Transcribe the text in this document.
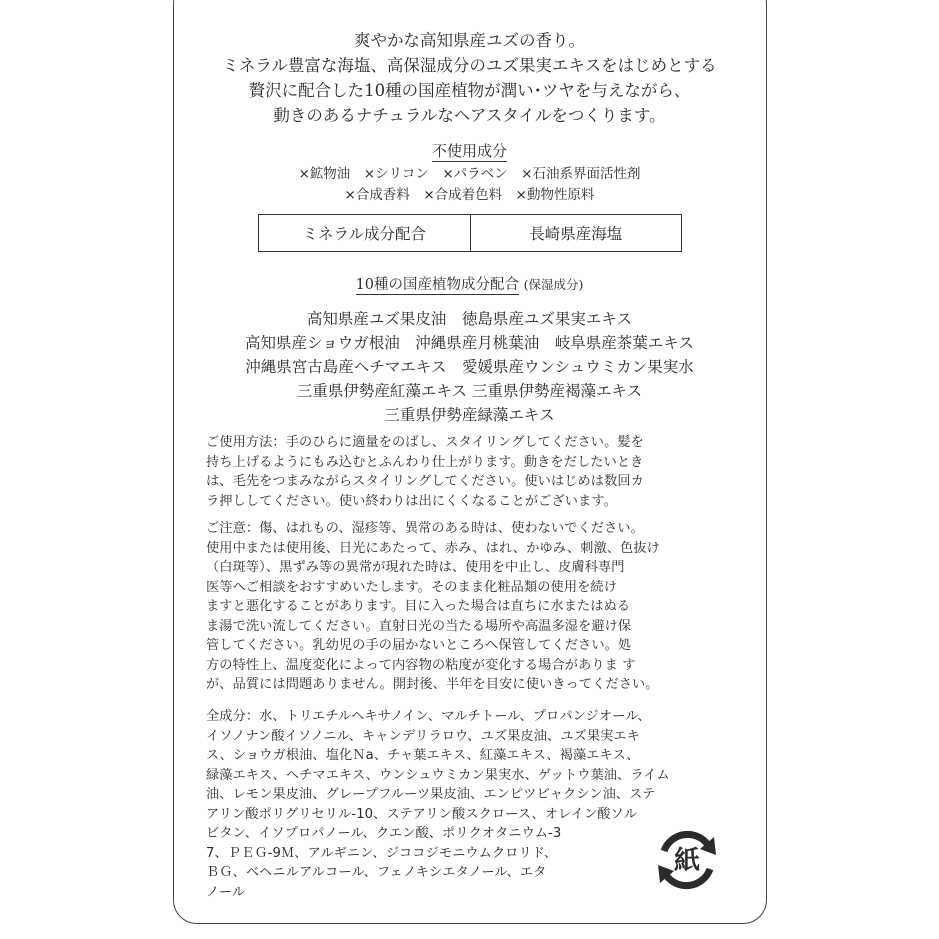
爽やかな高知県産ユズの香り。
ミネラル豊富な海塩、高保湿成分のユズ果実エキスをはじめとする
贅沢に配合した10種の国産植物が潤い･ツヤを与えながら、
動きのあるナチュラルなヘアスタイルをつくります。
不使用成分
×鉱物油　×シリコン　×パラベン　×石油系界面活性剤
×合成香料　×合成着色料　×動物性原料
ミネラル成分配合	長崎県産海塩
10種の国産植物成分配合 (保湿成分)
高知県産ユズ果皮油　徳島県産ユズ果実エキス
高知県産ショウガ根油　沖縄県産月桃葉油　岐阜県産茶葉エキス
沖縄県宮古島産ヘチマエキス　愛媛県産ウンシュウミカン果実水
三重県伊勢産紅藻エキス 三重県伊勢産褐藻エキス
三重県伊勢産緑藻エキス
ご使用方法：手のひらに適量をのばし、スタイリングしてください。髪を
持ち上げるようにもみ込むとふんわり仕上がります。動きをだしたいとき
は、毛先をつまみながらスタイリングしてください。使いはじめは数回カ
ラ押ししてください。使い終わりは出にくくなることがございます。
ご注意：傷、はれもの、湿疹等、異常のある時は、使わないでください。
使用中または使用後、日光にあたって、赤み、はれ、かゆみ、刺激、色抜け
（白斑等）、黒ずみ等の異常が現れた時は、使用を中止し、皮膚科専門
医等へご相談をおすすめいたします。そのまま化粧品類の使用を続け
ますと悪化することがあります。目に入った場合は直ちに水またはぬる
ま湯で洗い流してください。直射日光の当たる場所や高温多湿を避け保
管してください。乳幼児の手の届かないところへ保管してください。処
方の特性上、温度変化によって内容物の粘度が変化する場合がありま す
が、品質には問題ありません。開封後、半年を目安に使いきってください。
全成分：水、トリエチルヘキサノイン、マルチトール、プロパンジオール、
イソノナン酸イソノニル、キャンデリラロウ、ユズ果皮油、ユズ果実エキ
ス、ショウガ根油、塩化Ｎa、チャ葉エキス、紅藻エキス、褐藻エキス、
緑藻エキス、ヘチマエキス、ウンシュウミカン果実水、ゲットウ葉油、ライム
油、レモン果皮油、グレープフルーツ果皮油、エンピツビャクシン油、ステ
アリン酸ポリグリセリル-10、ステアリン酸スクロース、オレイン酸ソル
ビタン、イソプロパノール、クエン酸、ポリクオタニウム-3
7、ＰＥＧ-9Ｍ、アルギニン、ジココジモニウムクロリド、
ＢＧ、ベヘニルアルコール、フェノキシエタノール、エタ
ノール
紙
